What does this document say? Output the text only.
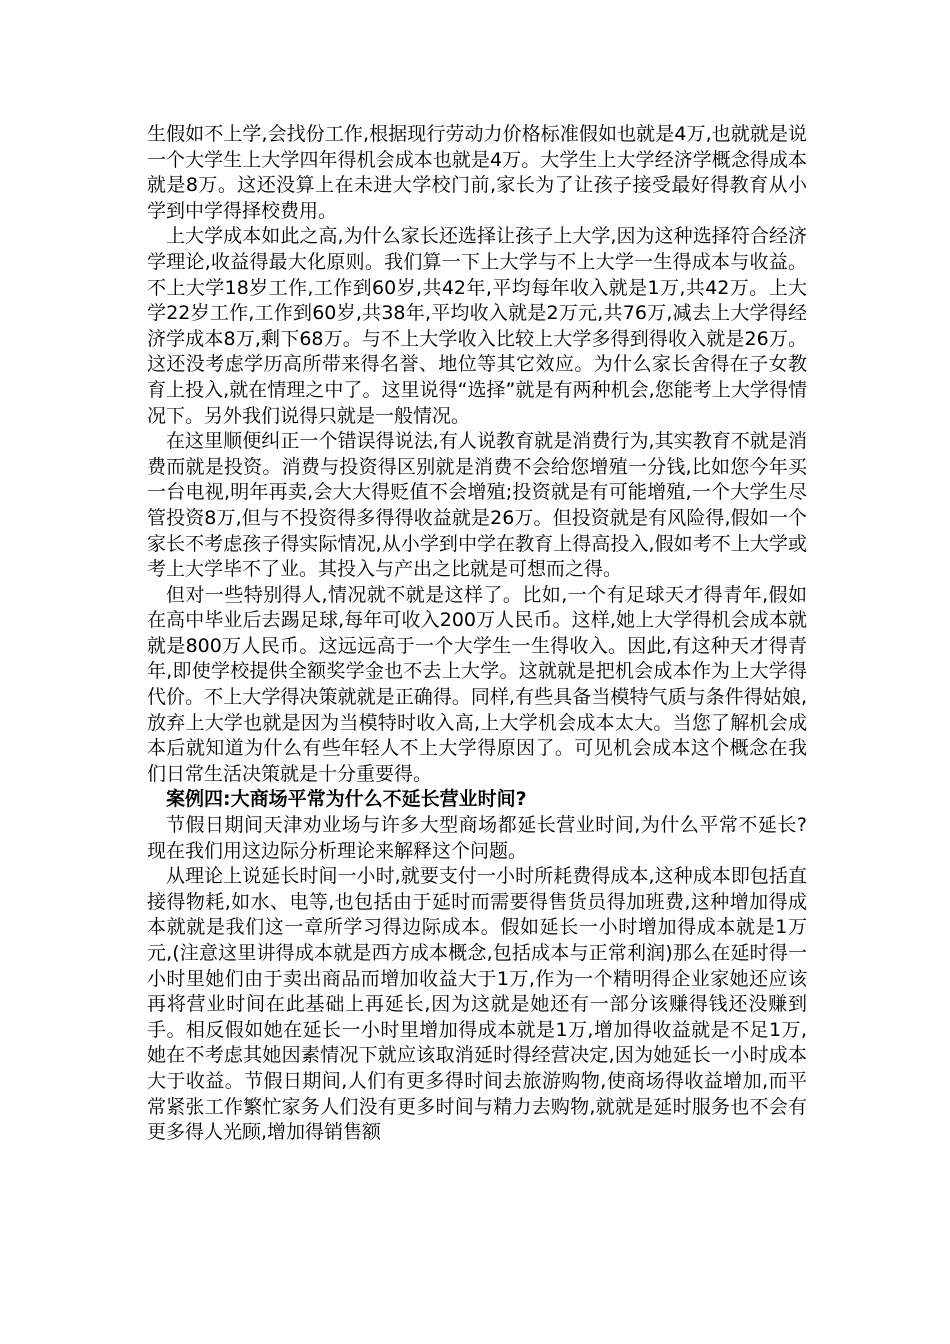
生假如不上学,会找份工作,根据现行劳动力价格标准假如也就是4万,也就就是说一个大学生上大学四年得机会成本也就是4万。大学生上大学经济学概念得成本就是8万。这还没算上在未进大学校门前,家长为了让孩子接受最好得教育从小学到中学得择校费用。

上大学成本如此之高,为什么家长还选择让孩子上大学,因为这种选择符合经济学理论,收益得最大化原则。我们算一下上大学与不上大学一生得成本与收益。不上大学18岁工作,工作到60岁,共42年,平均每年收入就是1万,共42万。上大学22岁工作,工作到60岁,共38年,平均收入就是2万元,共76万,减去上大学得经济学成本8万,剩下68万。与不上大学收入比较上大学多得到得收入就是26万。这还没考虑学历高所带来得名誉、地位等其它效应。为什么家长舍得在子女教育上投入,就在情理之中了。这里说得“选择”就是有两种机会,您能考上大学得情况下。另外我们说得只就是一般情况。

在这里顺便纠正一个错误得说法,有人说教育就是消费行为,其实教育不就是消费而就是投资。消费与投资得区别就是消费不会给您增殖一分钱,比如您今年买一台电视,明年再卖,会大大得贬值不会增殖;投资就是有可能增殖,一个大学生尽管投资8万,但与不投资得多得得收益就是26万。但投资就是有风险得,假如一个家长不考虑孩子得实际情况,从小学到中学在教育上得高投入,假如考不上大学或考上大学毕不了业。其投入与产出之比就是可想而之得。

但对一些特别得人,情况就不就是这样了。比如,一个有足球天才得青年,假如在高中毕业后去踢足球,每年可收入200万人民币。这样,她上大学得机会成本就就是800万人民币。这远远高于一个大学生一生得收入。因此,有这种天才得青年,即使学校提供全额奖学金也不去上大学。这就就是把机会成本作为上大学得代价。不上大学得决策就就是正确得。同样,有些具备当模特气质与条件得姑娘,放弃上大学也就是因为当模特时收入高,上大学机会成本太大。当您了解机会成本后就知道为什么有些年轻人不上大学得原因了。可见机会成本这个概念在我们日常生活决策就是十分重要得。

案例四:大商场平常为什么不延长营业时间?

节假日期间天津劝业场与许多大型商场都延长营业时间,为什么平常不延长?现在我们用这边际分析理论来解释这个问题。

从理论上说延长时间一小时,就要支付一小时所耗费得成本,这种成本即包括直接得物耗,如水、电等,也包括由于延时而需要得售货员得加班费,这种增加得成本就就是我们这一章所学习得边际成本。假如延长一小时增加得成本就是1万元,(注意这里讲得成本就是西方成本概念,包括成本与正常利润)那么在延时得一小时里她们由于卖出商品而增加收益大于1万,作为一个精明得企业家她还应该再将营业时间在此基础上再延长,因为这就是她还有一部分该赚得钱还没赚到手。相反假如她在延长一小时里增加得成本就是1万,增加得收益就是不足1万,她在不考虑其她因素情况下就应该取消延时得经营决定,因为她延长一小时成本大于收益。节假日期间,人们有更多得时间去旅游购物,使商场得收益增加,而平常紧张工作繁忙家务人们没有更多时间与精力去购物,就就是延时服务也不会有更多得人光顾,增加得销售额
